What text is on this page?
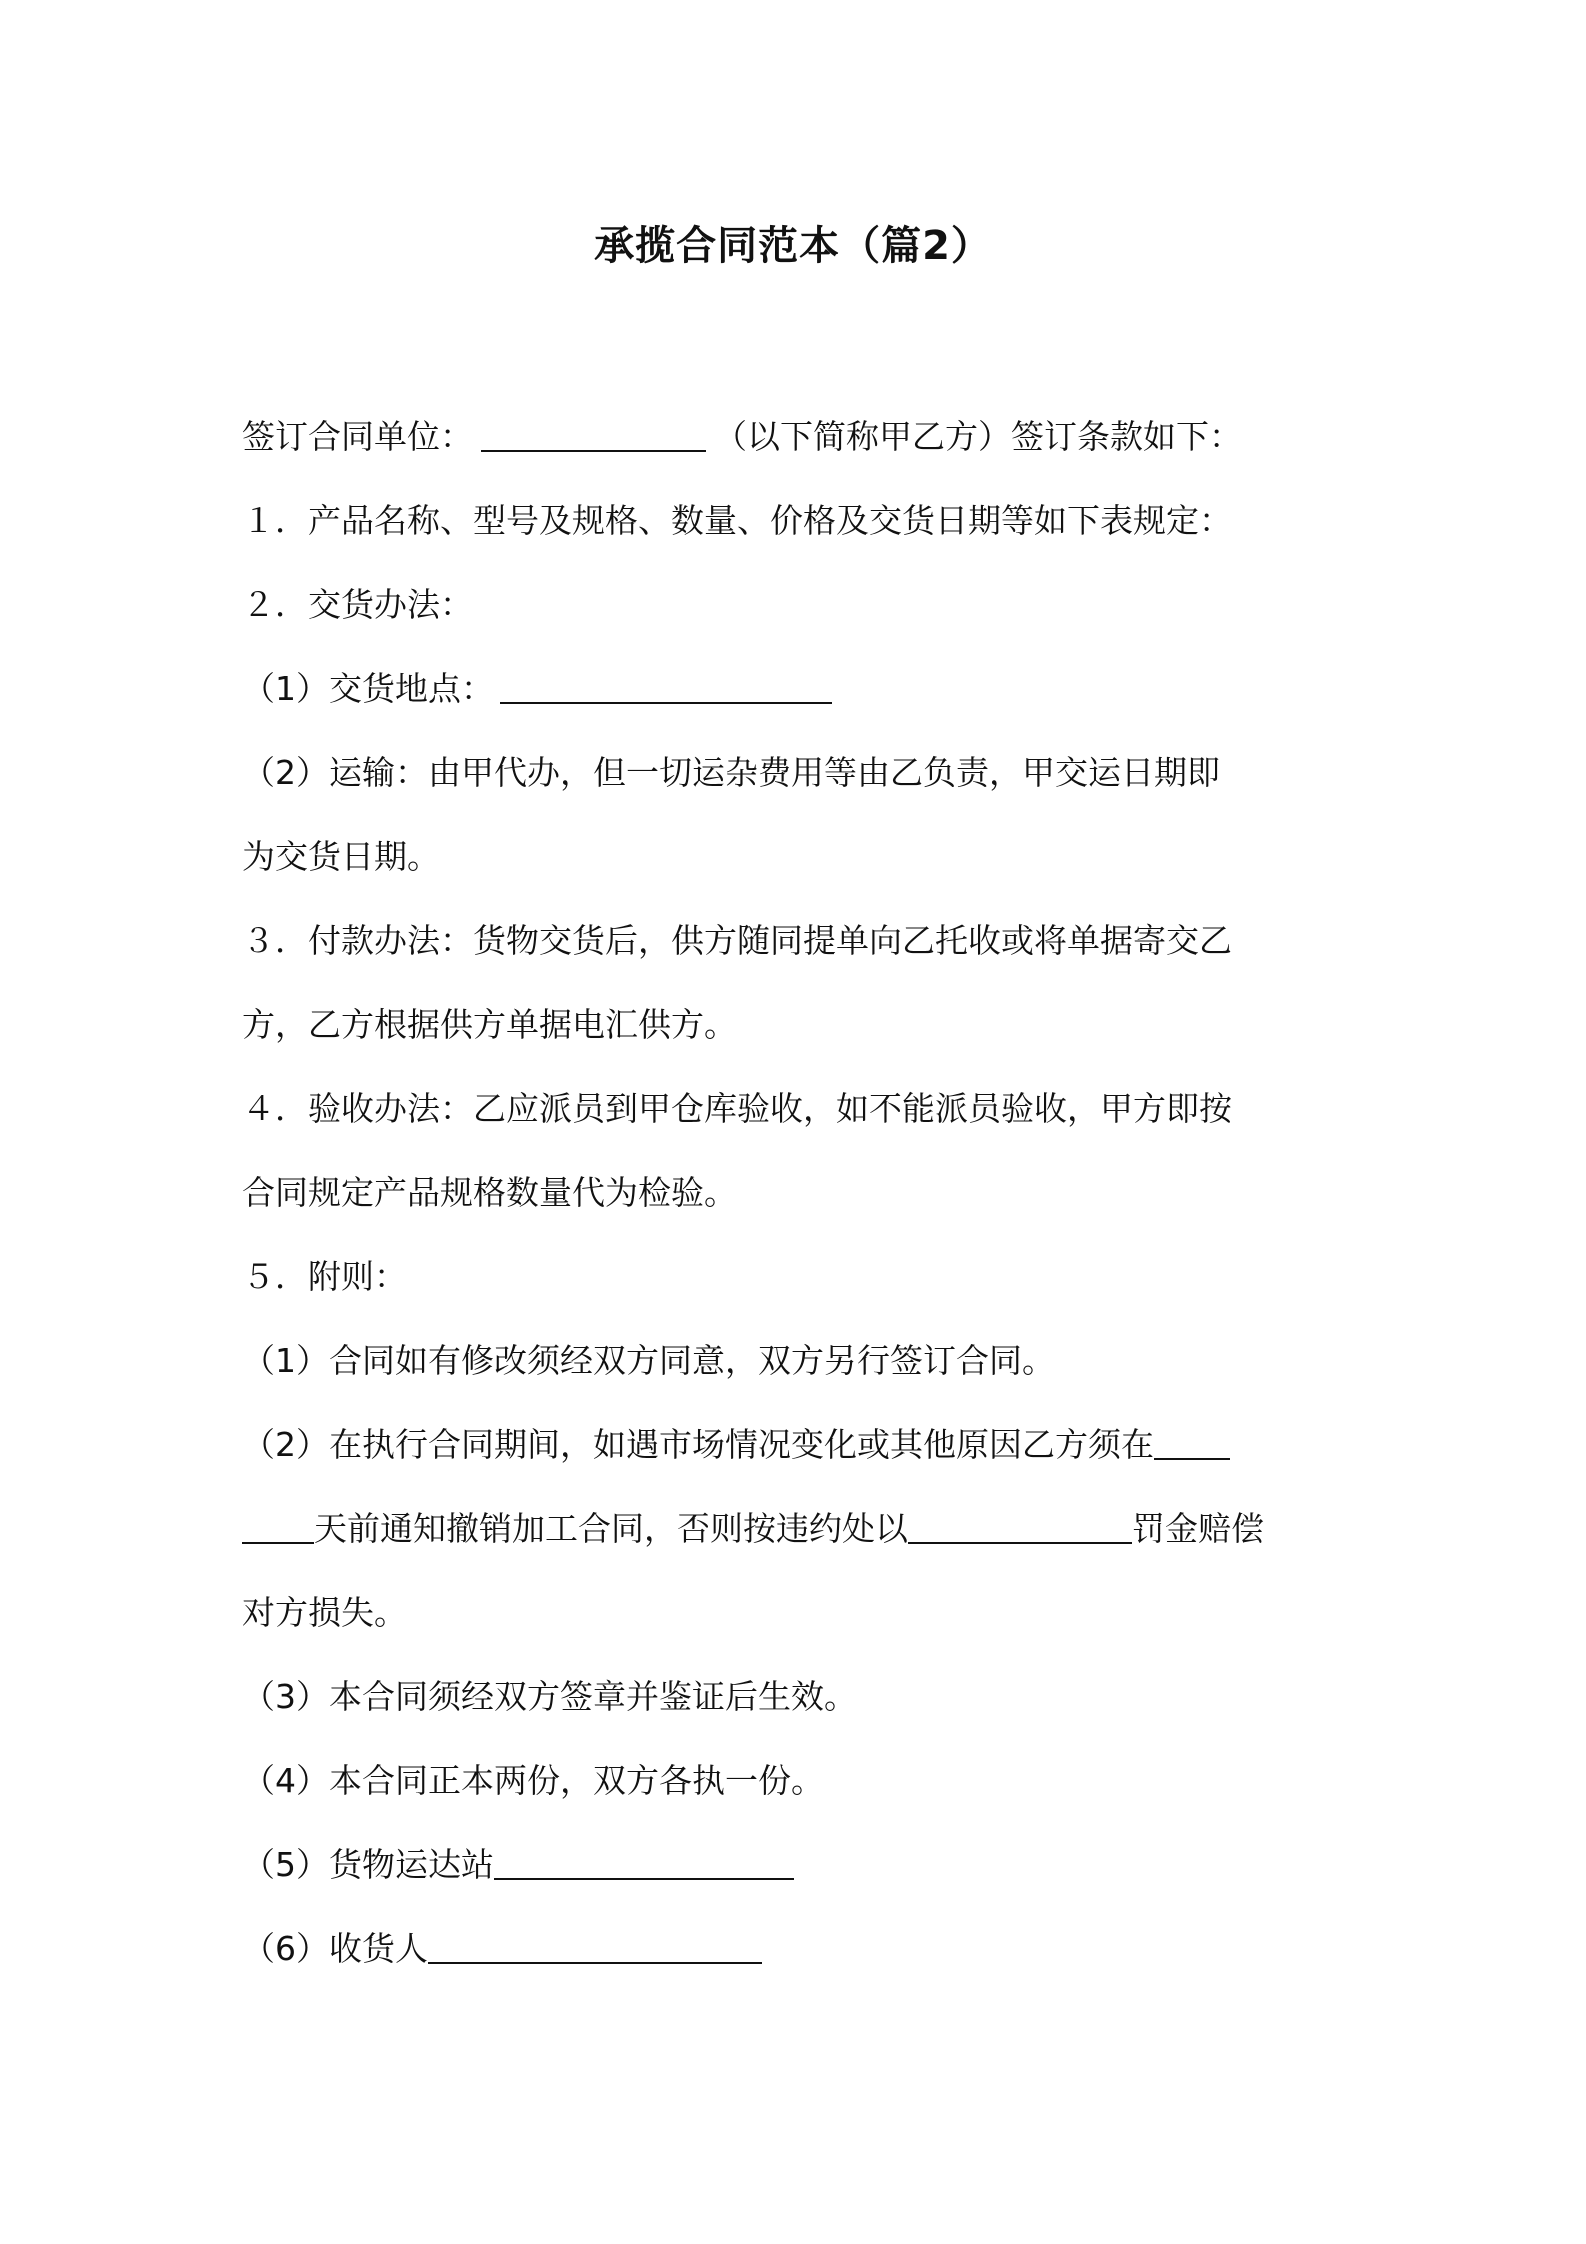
承揽合同范本（篇2）
签订合同单位：	（以下简称甲乙方）签订条款如下：
１．产品名称、型号及规格、数量、价格及交货日期等如下表规定：
２．交货办法：
（1）交货地点：
（2）运输：由甲代办，但一切运杂费用等由乙负责，甲交运日期即
为交货日期。
３．付款办法：货物交货后，供方随同提单向乙托收或将单据寄交乙
方，乙方根据供方单据电汇供方。
４．验收办法：乙应派员到甲仓库验收，如不能派员验收，甲方即按
合同规定产品规格数量代为检验。
５．附则：
（1）合同如有修改须经双方同意，双方另行签订合同。
（2）在执行合同期间，如遇市场情况变化或其他原因乙方须在
天前通知撤销加工合同，否则按违约处以	罚金赔偿
对方损失。
（3）本合同须经双方签章并鉴证后生效。
（4）本合同正本两份，双方各执一份。
（5）货物运达站
（6）收货人
